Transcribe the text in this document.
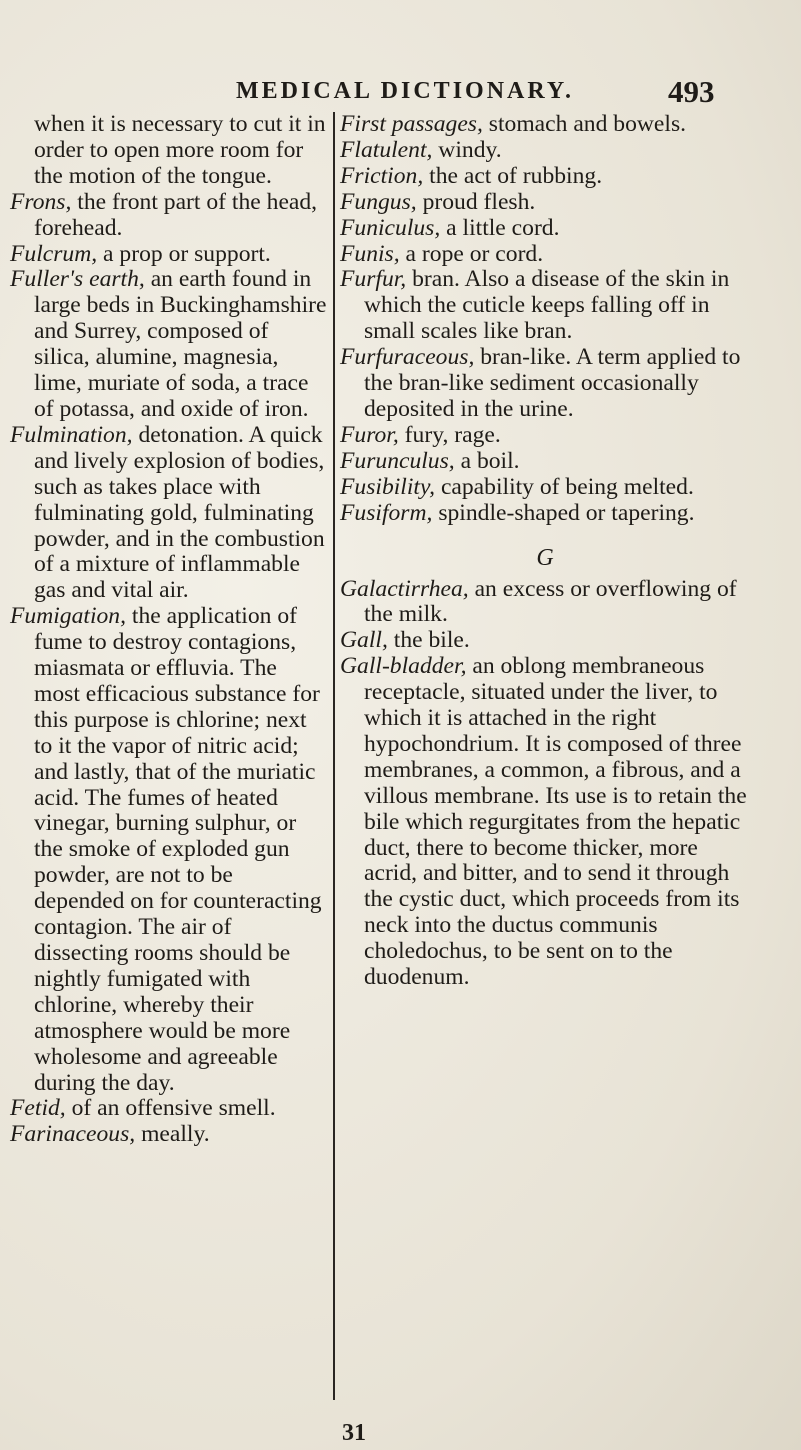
MEDICAL DICTIONARY.	493

when it is necessary to cut it in order to open more room for the motion of the tongue.

Frons, the front part of the head, forehead.

Fulcrum, a prop or support.

Fuller's earth, an earth found in large beds in Buckinghamshire and Surrey, composed of silica, alumine, magnesia, lime, muriate of soda, a trace of potassa, and oxide of iron.

Fulmination, detonation. A quick and lively explosion of bodies, such as takes place with fulminating gold, fulminating powder, and in the combustion of a mixture of inflammable gas and vital air.

Fumigation, the application of fume to destroy contagions, miasmata or effluvia. The most efficacious substance for this purpose is chlorine; next to it the vapor of nitric acid; and lastly, that of the muriatic acid. The fumes of heated vinegar, burning sulphur, or the smoke of exploded gun powder, are not to be depended on for counteracting contagion. The air of dissecting rooms should be nightly fumigated with chlorine, whereby their atmosphere would be more wholesome and agreeable during the day.

Fetid, of an offensive smell.

Farinaceous, meally.

First passages, stomach and bowels.

Flatulent, windy.

Friction, the act of rubbing.

Fungus, proud flesh.

Funiculus, a little cord.

Funis, a rope or cord.

Furfur, bran. Also a disease of the skin in which the cuticle keeps falling off in small scales like bran.

Furfuraceous, bran-like. A term applied to the bran-like sediment occasionally deposited in the urine.

Furor, fury, rage.

Furunculus, a boil.

Fusibility, capability of being melted.

Fusiform, spindle-shaped or tapering.

G

Galactirrhea, an excess or overflowing of the milk.

Gall, the bile.

Gall-bladder, an oblong membraneous receptacle, situated under the liver, to which it is attached in the right hypochondrium. It is composed of three membranes, a common, a fibrous, and a villous membrane. Its use is to retain the bile which regurgitates from the hepatic duct, there to become thicker, more acrid, and bitter, and to send it through the cystic duct, which proceeds from its neck into the ductus communis choledochus, to be sent on to the duodenum.

31
